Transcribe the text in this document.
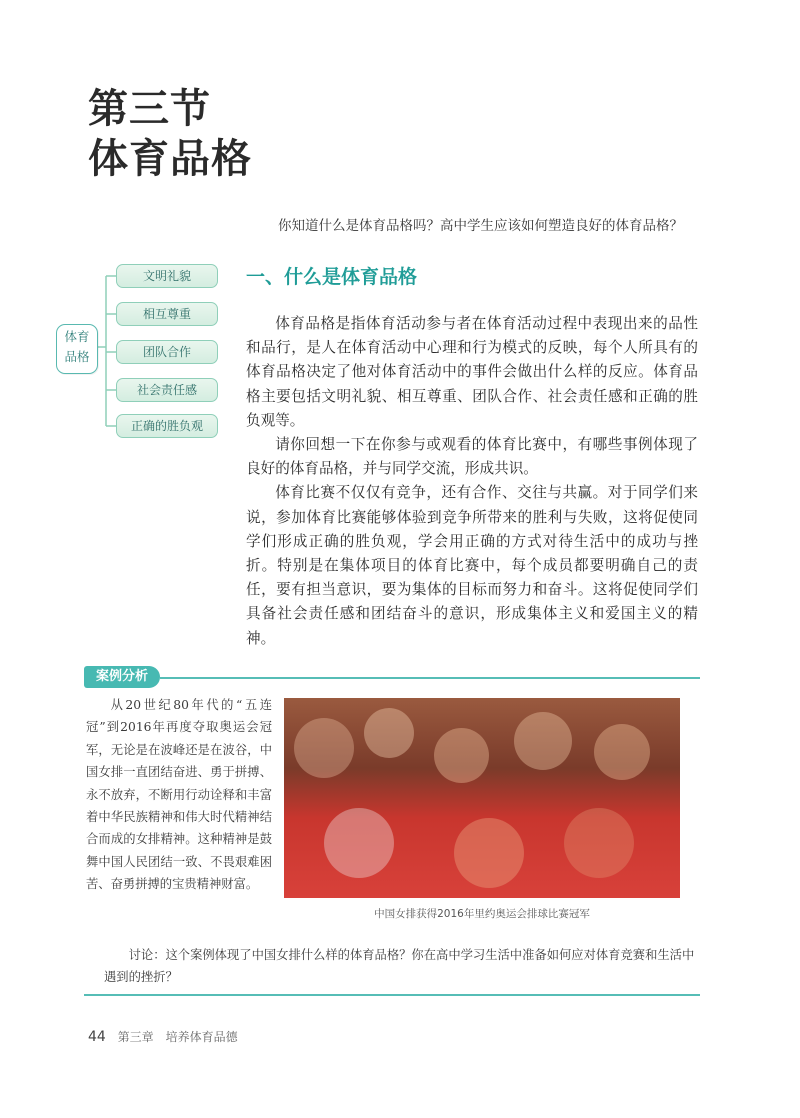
第三节
体育品格
你知道什么是体育品格吗？高中学生应该如何塑造良好的体育品格？
体育
品格
文明礼貌
相互尊重
团队合作
社会责任感
正确的胜负观
一、什么是体育品格

体育品格是指体育活动参与者在体育活动过程中表现出来的品性和品行，是人在体育活动中心理和行为模式的反映，每个人所具有的体育品格决定了他对体育活动中的事件会做出什么样的反应。体育品格主要包括文明礼貌、相互尊重、团队合作、社会责任感和正确的胜负观等。

请你回想一下在你参与或观看的体育比赛中，有哪些事例体现了良好的体育品格，并与同学交流，形成共识。

体育比赛不仅仅有竞争，还有合作、交往与共赢。对于同学们来说，参加体育比赛能够体验到竞争所带来的胜利与失败，这将促使同学们形成正确的胜负观，学会用正确的方式对待生活中的成功与挫折。特别是在集体项目的体育比赛中，每个成员都要明确自己的责任，要有担当意识，要为集体的目标而努力和奋斗。这将促使同学们具备社会责任感和团结奋斗的意识，形成集体主义和爱国主义的精神。

案例分析
从20世纪80年代的“五连冠”到2016年再度夺取奥运会冠军，无论是在波峰还是在波谷，中国女排一直团结奋进、勇于拼搏、永不放弃，不断用行动诠释和丰富着中华民族精神和伟大时代精神结合而成的女排精神。这种精神是鼓舞中国人民团结一致、不畏艰难困苦、奋勇拼搏的宝贵精神财富。
中国女排获得2016年里约奥运会排球比赛冠军
讨论：这个案例体现了中国女排什么样的体育品格？你在高中学习生活中准备如何应对体育竞赛和生活中遇到的挫折？
44 第三章　培养体育品德
